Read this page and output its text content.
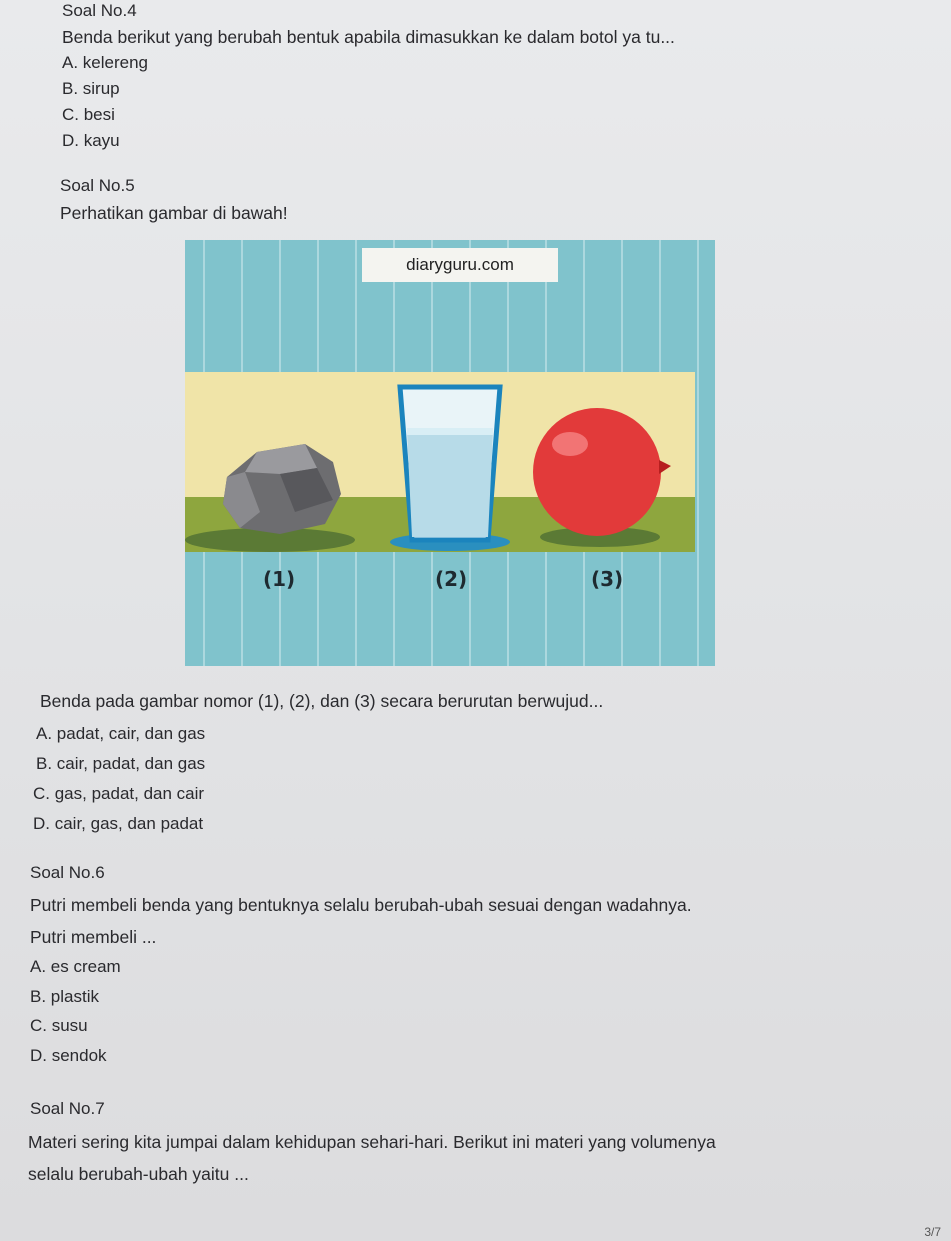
Soal No.4
Benda berikut yang berubah bentuk apabila dimasukkan ke dalam botol ya tu...
A. kelereng
B. sirup
C. besi
D. kayu
Soal No.5
Perhatikan gambar di bawah!
diaryguru.com
(1)	(2)	(3)
Benda pada gambar nomor (1), (2), dan (3) secara berurutan berwujud...
A. padat, cair, dan gas
B. cair, padat, dan gas
C. gas, padat, dan cair
D. cair, gas, dan padat
Soal No.6
Putri membeli benda yang bentuknya selalu berubah-ubah sesuai dengan wadahnya.
Putri membeli ...
A. es cream
B. plastik
C. susu
D. sendok
Soal No.7
Materi sering kita jumpai dalam kehidupan sehari-hari. Berikut ini materi yang volumenya
selalu berubah-ubah yaitu ...
3/7
